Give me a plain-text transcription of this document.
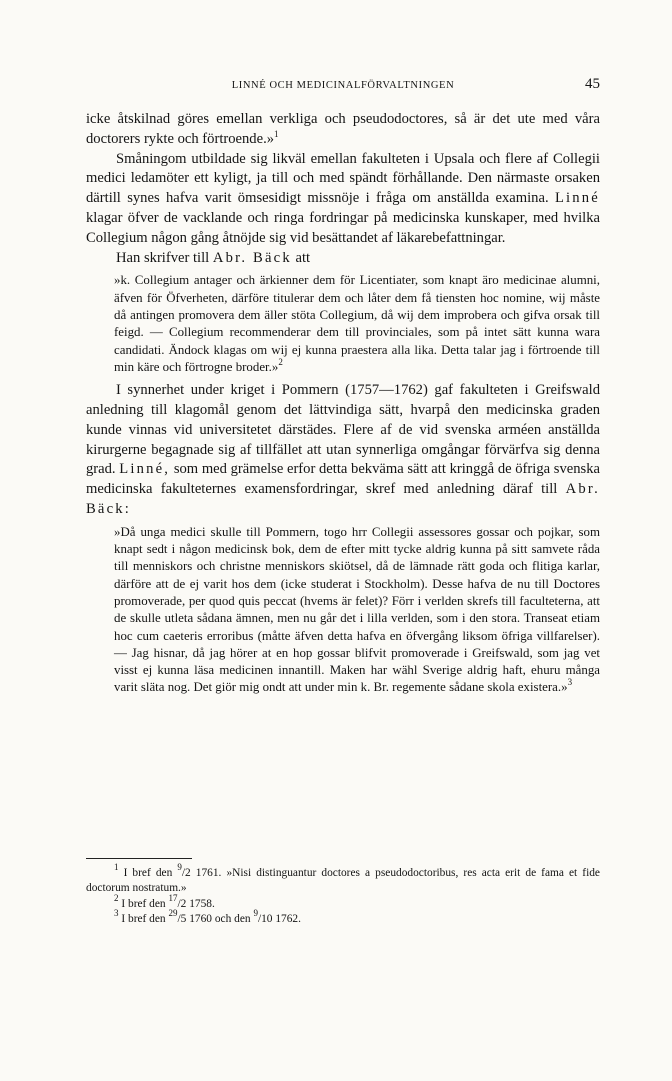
LINNÉ OCH MEDICINALFÖRVALTNINGEN	45

icke åtskilnad göres emellan verkliga och pseudodoctores, så är det ute med våra doctorers rykte och förtroende.»$^1$

Småningom utbildade sig likväl emellan fakulteten i Upsala och flere af Collegii medici ledamöter ett kyligt, ja till och med spändt förhållande. Den närmaste orsaken därtill synes hafva varit ömsesidigt missnöje i fråga om anställda examina. Linné klagar öfver de vacklande och ringa fordringar på medicinska kunskaper, med hvilka Collegium någon gång åtnöjde sig vid besättandet af läkarebefattningar.

Han skrifver till Abr. Bäck att

»k. Collegium antager och ärkienner dem för Licentiater, som knapt äro medicinae alumni, äfven för Öfverheten, därföre titulerar dem och låter dem få tiensten hoc nomine, wij måste då antingen promovera dem äller stöta Collegium, då wij dem improbera och gifva orsak till feigd. — Collegium recommenderar dem till provinciales, som på intet sätt kunna wara candidati. Ändock klagas om wij ej kunna praestera alla lika. Detta talar jag i förtroende till min käre och förtrogne broder.»$^2$

I synnerhet under kriget i Pommern (1757—1762) gaf fakulteten i Greifswald anledning till klagomål genom det lättvindiga sätt, hvarpå den medicinska graden kunde vinnas vid universitetet därstädes. Flere af de vid svenska arméen anställda kirurgerne begagnade sig af tillfället att utan synnerliga omgångar förvärfva sig denna grad. Linné, som med grämelse erfor detta bekväma sätt att kringgå de öfriga svenska medicinska fakulteternes examensfordringar, skref med anledning däraf till Abr. Bäck:

»Då unga medici skulle till Pommern, togo hrr Collegii assessores gossar och pojkar, som knapt sedt i någon medicinsk bok, dem de efter mitt tycke aldrig kunna på sitt samvete råda till menniskors och christne menniskors skiötsel, då de lämnade rätt goda och flitiga karlar, därföre att de ej varit hos dem (icke studerat i Stockholm). Desse hafva de nu till Doctores promoverade, per quod quis peccat (hvems är felet)? Förr i verlden skrefs till faculteterna, att de skulle utleta sådana ämnen, men nu går det i lilla verlden, som i den stora. Transeat etiam hoc cum caeteris erroribus (måtte äfven detta hafva en öfvergång liksom öfriga villfarelser). — Jag hisnar, då jag hörer at en hop gossar blifvit promoverade i Greifswald, som jag vet visst ej kunna läsa medicinen innantill. Maken har wähl Sverige aldrig haft, ehuru många varit släta nog. Det giör mig ondt att under min k. Br. regemente sådane skola existera.»$^3$

$^1$ I bref den $^9$/2 1761. »Nisi distinguantur doctores a pseudodoctoribus, res acta erit de fama et fide doctorum nostratum.»

$^2$ I bref den $^{17}$/2 1758.

$^3$ I bref den $^{29}$/5 1760 och den $^9$/10 1762.
